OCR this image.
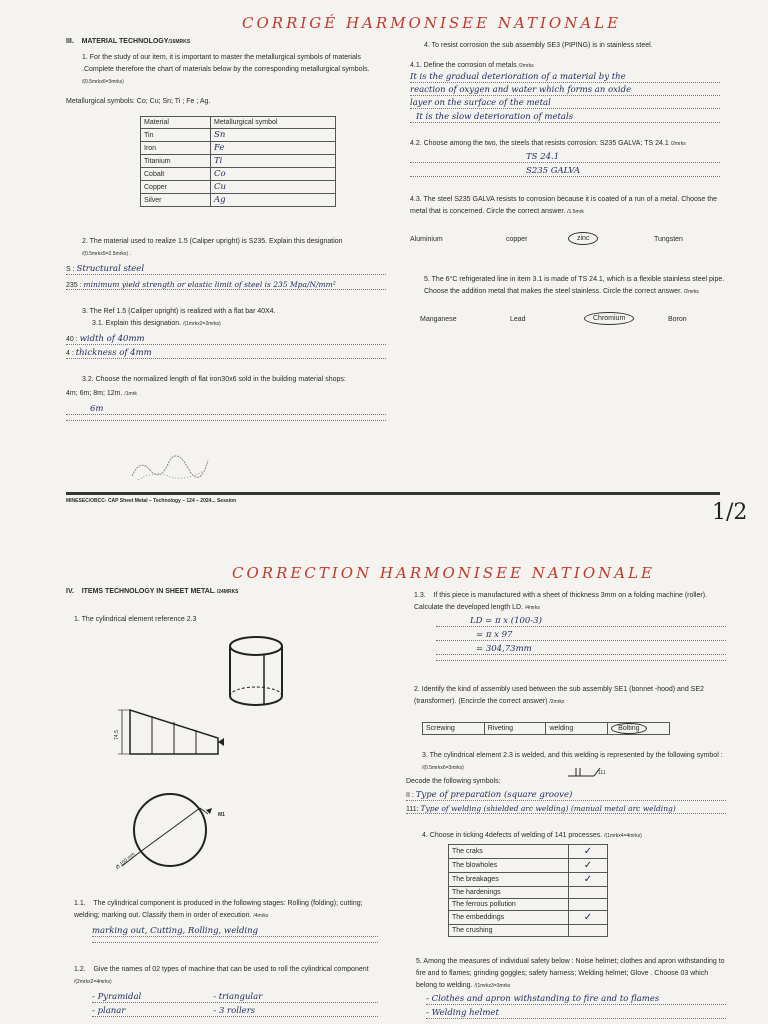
CORRIGÉ HARMONISEE NATIONALE
III. MATERIAL TECHNOLOGY/16MRKS
1. For the study of our item, it is important to master the metallurgical symbols of materials .Complete therefore the chart of materials below by the corresponding metallurgical symbols. /(0.5mrkx6=3mrks)
Metallurgical symbols: Co; Cu; Sn; Ti ; Fe ; Ag.
Material	Metallurgical symbol
Tin	Sn
Iron	Fe
Titanium	Ti
Cobalt	Co
Copper	Cu
Silver	Ag
2. The material used to realize 1.5 (Caliper upright) is S235. Explain this designation
/(0.5mrkx5=2.5mrks) .
S : Structural steel
235 : minimum yield strength or elastic limit of steel is 235 Mpa/N/mm²
3. The Ref 1.5 (Caliper upright) is realized with a flat bar 40X4.
3.1. Explain this designation. /(1mrkx2=2mrks)
40 : width of 40mm
4 : thickness of 4mm
3.2. Choose the normalized length of flat iron30x6 sold in the building material shops:
4m; 6m; 8m; 12m. /1mrk
6m
4. To resist corrosion the sub assembly SE3 (PIPING) is in stainless steel.
4.1. Define the corrosion of metals /2mrks
It is the gradual deterioration of a material by the
reaction of oxygen and water which forms an oxide
layer on the surface of the metal
It is the slow deterioration of metals
4.2. Choose among the two, the steels that resists corrosion: S235 GALVA; TS 24.1 /2mrks
TS 24.1
S235 GALVA
4.3. The steel S235 GALVA resists to corrosion because it is coated of a run of a metal. Choose the metal that is concerned. Circle the correct answer. /1.5mrk
Aluminium	copper	zinc	Tungsten
5. The 6°C refrigerated line in item 3.1 is made of TS 24.1, which is a flexible stainless steel pipe. Choose the addition metal that makes the steel stainless. Circle the correct answer. /2mrks
Manganese	Lead	Chromium	Boron
MINESEC/OBCC- CAP Sheet Metal – Technology – 124 – 2024... Session	1/2
CORRECTION HARMONISEE NATIONALE
IV. ITEMS TECHNOLOGY IN SHEET METAL. /24MRKS
1. The cylindrical element reference 2.3
74,5
M1
Ø 100 mm
1.1. The cylindrical component is produced in the following stages: Rolling (folding); cutting; welding; marking out. Classify them in order of execution. /4mrks
marking out, Cutting, Rolling, welding
1.2. Give the names of 02 types of machine that can be used to roll the cylindrical component /(2mrkx2=4mrks)
- Pyramidal	- triangular
- planar	- 3 rollers
1.3. If this piece is manufactured with a sheet of thickness 3mm on a folding machine (roller). Calculate the developed length LD. /4mrks
LD = π x (100-3)
= π x 97
= 304,73mm
2. Identify the kind of assembly used between the sub assembly SE1 (bonnet -hood) and SE2 (transformer). (Encircle the correct answer) /2mrks
Screwing	Riveting	welding	Bolting
3. The cylindrical element 2.3 is welded, and this welding is represented by the following symbol : /(0.5mrkx6=3mrks)
111
Decode the following symbols:
II : Type of preparation (square groove)
111: Type of welding (shielded arc welding) (manual metal arc welding)
4. Choose in ticking 4defects of welding of 141 processes. /(1mrkx4=4mrks)
The craks	✓
The blowholes	✓
The breakages	✓
The hardenings	
The ferrous pollution	
The embeddings	✓
The crushing	
5. Among the measures of individual safety below : Noise helmet; clothes and apron withstanding to fire and to flames; grinding goggles; safety harness; Welding helmet; Glove . Choose 03 which belong to welding. /(1mrkx3=3mrks
- Clothes and apron withstanding to fire and to flames
- Welding helmet
